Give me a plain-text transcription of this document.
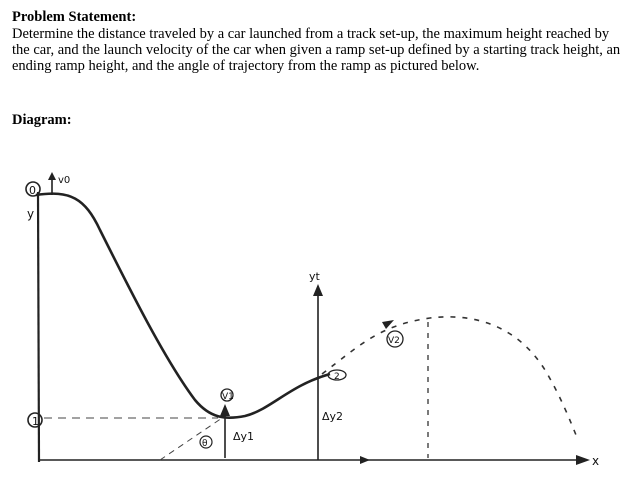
Problem Statement:

Determine the distance traveled by a car launched from a track set-up, the maximum height reached by the car, and the launch velocity of the car when given a ramp set-up defined by a starting track height, an ending ramp height, and the angle of trajectory from the ramp as pictured below.

Diagram:
0
y
v0
1
x
Δy1
V1
θ
yt
Δy2
2
V2
